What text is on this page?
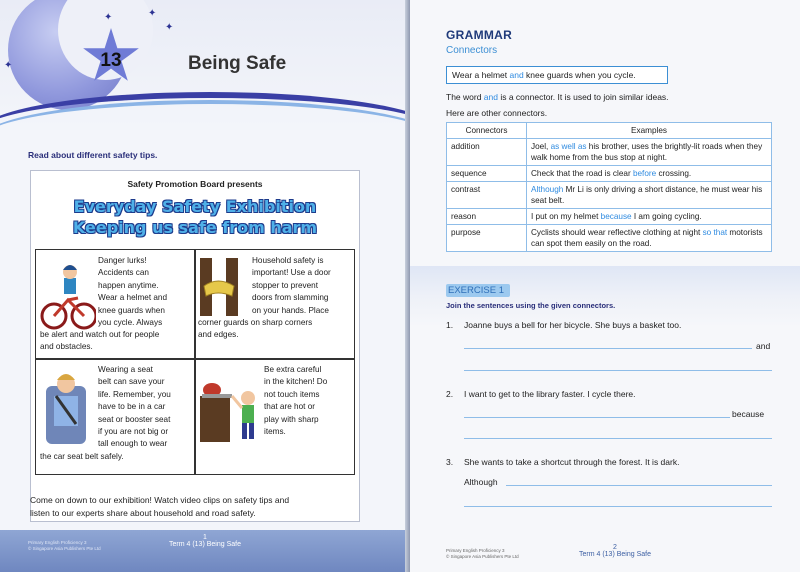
✦
✦
✦
✦	13	Being Safe
Read about different safety tips.
Safety Promotion Board presents
Everyday Safety Exhibition
Keeping us safe from harm
Danger lurks!
Accidents can
happen anytime.
Wear a helmet and
knee guards when
you cycle. Always
be alert and watch out for people
and obstacles.
Household safety is
important! Use a door
stopper to prevent
doors from slamming
on your hands. Place
corner guards on sharp corners
and edges.
Wearing a seat
belt can save your
life. Remember, you
have to be in a car
seat or booster seat
if you are not big or
tall enough to wear
the car seat belt safely.
Be extra careful
in the kitchen! Do
not touch items
that are hot or
play with sharp
items.
Come on down to our exhibition! Watch video clips on safety tips and
listen to our experts share about household and road safety.
Primary English Proficiency 3
© Singapore Asia Publishers Pte Ltd
1
Term 4 (13) Being Safe
GRAMMAR
Connectors
Wear a helmet and knee guards when you cycle.
The word and is a connector. It is used to join similar ideas.
Here are other connectors.
Connectors	Examples
addition	Joel, as well as his brother, uses the brightly-lit roads when they walk home from the bus stop at night.
sequence	Check that the road is clear before crossing.
contrast	Although Mr Li is only driving a short distance, he must wear his seat belt.
reason	I put on my helmet because I am going cycling.
purpose	Cyclists should wear reflective clothing at night so that motorists can spot them easily on the road.
EXERCISE 1
Join the sentences using the given connectors.
1. Joanne buys a bell for her bicycle. She buys a basket too.
and
2. I want to get to the library faster. I cycle there.
because
3. She wants to take a shortcut through the forest. It is dark.
Although
Primary English Proficiency 3
© Singapore Asia Publishers Pte Ltd
2
Term 4 (13) Being Safe
